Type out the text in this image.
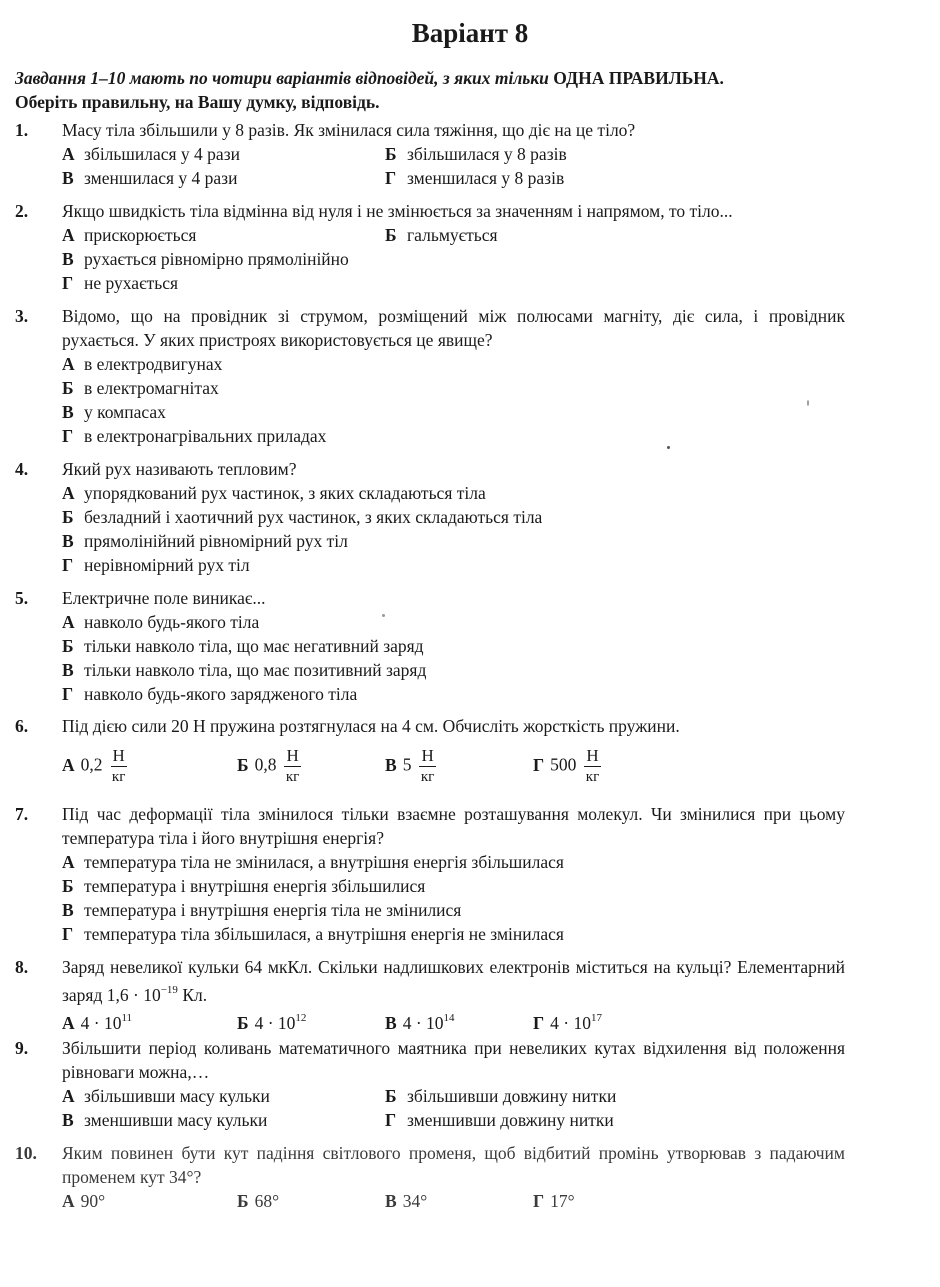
Варіант 8
Завдання 1–10 мають по чотири варіантів відповідей, з яких тільки ОДНА ПРАВИЛЬНА.
Оберіть правильну, на Вашу думку, відповідь.
1.	Масу тіла збільшили у 8 разів. Як змінилася сила тяжіння, що діє на це тіло?
А збільшилася у 4 рази	Б збільшилася у 8 разів
В зменшилася у 4 рази	Г зменшилася у 8 разів
2.	Якщо швидкість тіла відмінна від нуля і не змінюється за значенням і напрямом, то тіло...
А прискорюється	Б гальмується
В рухається рівномірно прямолінійно
Г не рухається
3.	Відомо, що на провідник зі струмом, розміщений між полюсами магніту, діє сила, і провідник рухається. У яких пристроях використовується це явище?
А в електродвигунах
Б в електромагнітах
В у компасах
Г в електронагрівальних приладах
4.	Який рух називають тепловим?
А упорядкований рух частинок, з яких складаються тіла
Б безладний і хаотичний рух частинок, з яких складаються тіла
В прямолінійний рівномірний рух тіл
Г нерівномірний рух тіл
5.	Електричне поле виникає...
А навколо будь-якого тіла
Б тільки навколо тіла, що має негативний заряд
В тільки навколо тіла, що має позитивний заряд
Г навколо будь-якого зарядженого тіла
6.	Під дією сили 20 Н пружина розтягнулася на 4 см. Обчисліть жорсткість пружини.
А $0,2 \frac{Н}{кг}$	Б $0,8 \frac{Н}{кг}$	В $5 \frac{Н}{кг}$	Г $500 \frac{Н}{кг}$
7.	Під час деформації тіла змінилося тільки взаємне розташування молекул. Чи змінилися при цьому температура тіла і його внутрішня енергія?
А температура тіла не змінилася, а внутрішня енергія збільшилася
Б температура і внутрішня енергія збільшилися
В температура і внутрішня енергія тіла не змінилися
Г температура тіла збільшилася, а внутрішня енергія не змінилася
8.	Заряд невеликої кульки 64 мкКл. Скільки надлишкових електронів міститься на кульці? Елементарний заряд $1,6 \cdot 10^{-19}$ Кл.
А $4 \cdot 10^{11}$	Б $4 \cdot 10^{12}$	В $4 \cdot 10^{14}$	Г $4 \cdot 10^{17}$
9.	Збільшити період коливань математичного маятника при невеликих кутах відхилення від положення рівноваги можна,…
А збільшивши масу кульки	Б збільшивши довжину нитки
В зменшивши масу кульки	Г зменшивши довжину нитки
10.	Яким повинен бути кут падіння світлового променя, щоб відбитий промінь утворював з падаючим променем кут 34°?
А 90°	Б 68°	В 34°	Г 17°
